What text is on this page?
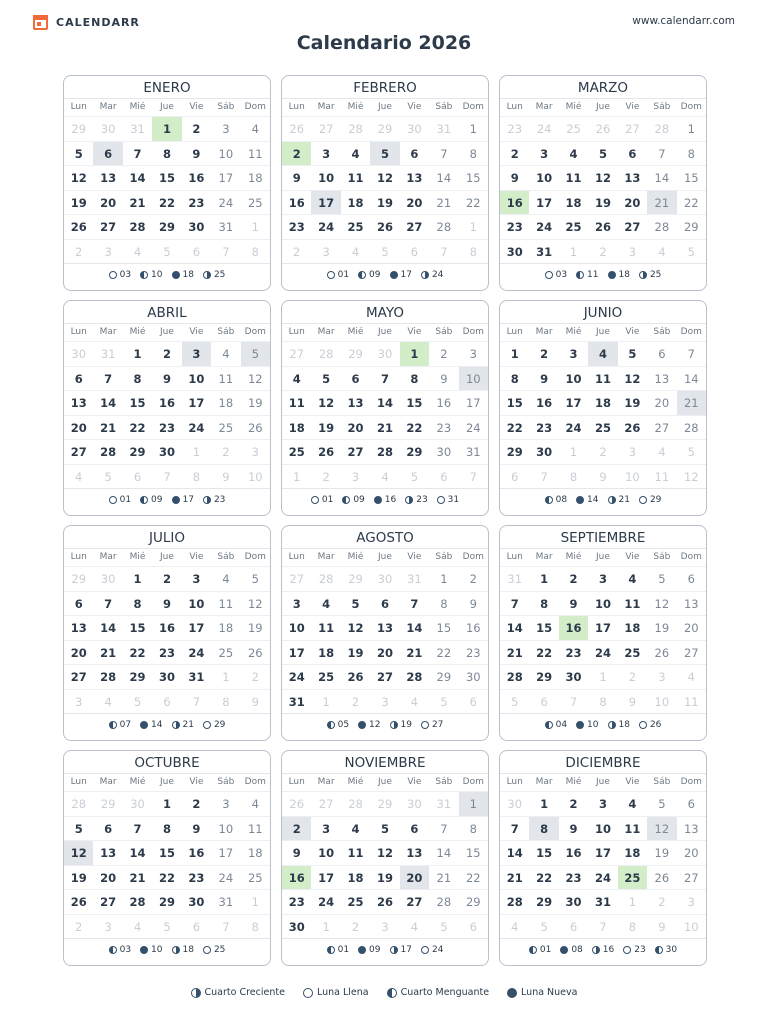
CALENDARR	www.calendarr.com
Calendario 2026
ENERO
Lun	Mar	Mié	Jue	Vie	Sáb	Dom
29	30	31	1	2	3	4
5	6	7	8	9	10	11
12	13	14	15	16	17	18
19	20	21	22	23	24	25
26	27	28	29	30	31	1
2	3	4	5	6	7	8
03 10 18 25
FEBRERO
Lun	Mar	Mié	Jue	Vie	Sáb	Dom
26	27	28	29	30	31	1
2	3	4	5	6	7	8
9	10	11	12	13	14	15
16	17	18	19	20	21	22
23	24	25	26	27	28	1
2	3	4	5	6	7	8
01 09 17 24
MARZO
Lun	Mar	Mié	Jue	Vie	Sáb	Dom
23	24	25	26	27	28	1
2	3	4	5	6	7	8
9	10	11	12	13	14	15
16	17	18	19	20	21	22
23	24	25	26	27	28	29
30	31	1	2	3	4	5
03 11 18 25
ABRIL
Lun	Mar	Mié	Jue	Vie	Sáb	Dom
30	31	1	2	3	4	5
6	7	8	9	10	11	12
13	14	15	16	17	18	19
20	21	22	23	24	25	26
27	28	29	30	1	2	3
4	5	6	7	8	9	10
01 09 17 23
MAYO
Lun	Mar	Mié	Jue	Vie	Sáb	Dom
27	28	29	30	1	2	3
4	5	6	7	8	9	10
11	12	13	14	15	16	17
18	19	20	21	22	23	24
25	26	27	28	29	30	31
1	2	3	4	5	6	7
01 09 16 23 31
JUNIO
Lun	Mar	Mié	Jue	Vie	Sáb	Dom
1	2	3	4	5	6	7
8	9	10	11	12	13	14
15	16	17	18	19	20	21
22	23	24	25	26	27	28
29	30	1	2	3	4	5
6	7	8	9	10	11	12
08 14 21 29
JULIO
Lun	Mar	Mié	Jue	Vie	Sáb	Dom
29	30	1	2	3	4	5
6	7	8	9	10	11	12
13	14	15	16	17	18	19
20	21	22	23	24	25	26
27	28	29	30	31	1	2
3	4	5	6	7	8	9
07 14 21 29
AGOSTO
Lun	Mar	Mié	Jue	Vie	Sáb	Dom
27	28	29	30	31	1	2
3	4	5	6	7	8	9
10	11	12	13	14	15	16
17	18	19	20	21	22	23
24	25	26	27	28	29	30
31	1	2	3	4	5	6
05 12 19 27
SEPTIEMBRE
Lun	Mar	Mié	Jue	Vie	Sáb	Dom
31	1	2	3	4	5	6
7	8	9	10	11	12	13
14	15	16	17	18	19	20
21	22	23	24	25	26	27
28	29	30	1	2	3	4
5	6	7	8	9	10	11
04 10 18 26
OCTUBRE
Lun	Mar	Mié	Jue	Vie	Sáb	Dom
28	29	30	1	2	3	4
5	6	7	8	9	10	11
12	13	14	15	16	17	18
19	20	21	22	23	24	25
26	27	28	29	30	31	1
2	3	4	5	6	7	8
03 10 18 25
NOVIEMBRE
Lun	Mar	Mié	Jue	Vie	Sáb	Dom
26	27	28	29	30	31	1
2	3	4	5	6	7	8
9	10	11	12	13	14	15
16	17	18	19	20	21	22
23	24	25	26	27	28	29
30	1	2	3	4	5	6
01 09 17 24
DICIEMBRE
Lun	Mar	Mié	Jue	Vie	Sáb	Dom
30	1	2	3	4	5	6
7	8	9	10	11	12	13
14	15	16	17	18	19	20
21	22	23	24	25	26	27
28	29	30	31	1	2	3
4	5	6	7	8	9	10
01 08 16 23 30
Cuarto Creciente	Luna Llena	Cuarto Menguante	Luna Nueva
